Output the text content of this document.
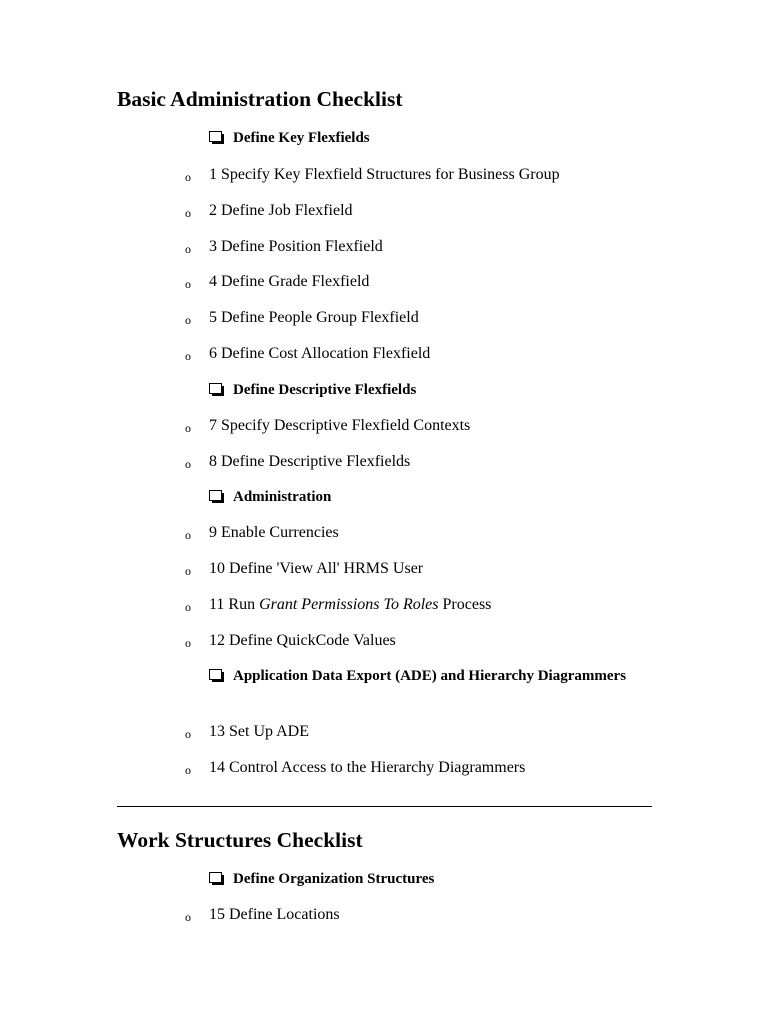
Basic Administration Checklist
Define Key Flexfields
o 1 Specify Key Flexfield Structures for Business Group
o 2 Define Job Flexfield
o 3 Define Position Flexfield
o 4 Define Grade Flexfield
o 5 Define People Group Flexfield
o 6 Define Cost Allocation Flexfield
Define Descriptive Flexfields
o 7 Specify Descriptive Flexfield Contexts
o 8 Define Descriptive Flexfields
Administration
o 9 Enable Currencies
o 10 Define 'View All' HRMS User
o 11 Run Grant Permissions To Roles Process
o 12 Define QuickCode Values
Application Data Export (ADE) and Hierarchy Diagrammers
o 13 Set Up ADE
o 14 Control Access to the Hierarchy Diagrammers
Work Structures Checklist
Define Organization Structures
o 15 Define Locations
